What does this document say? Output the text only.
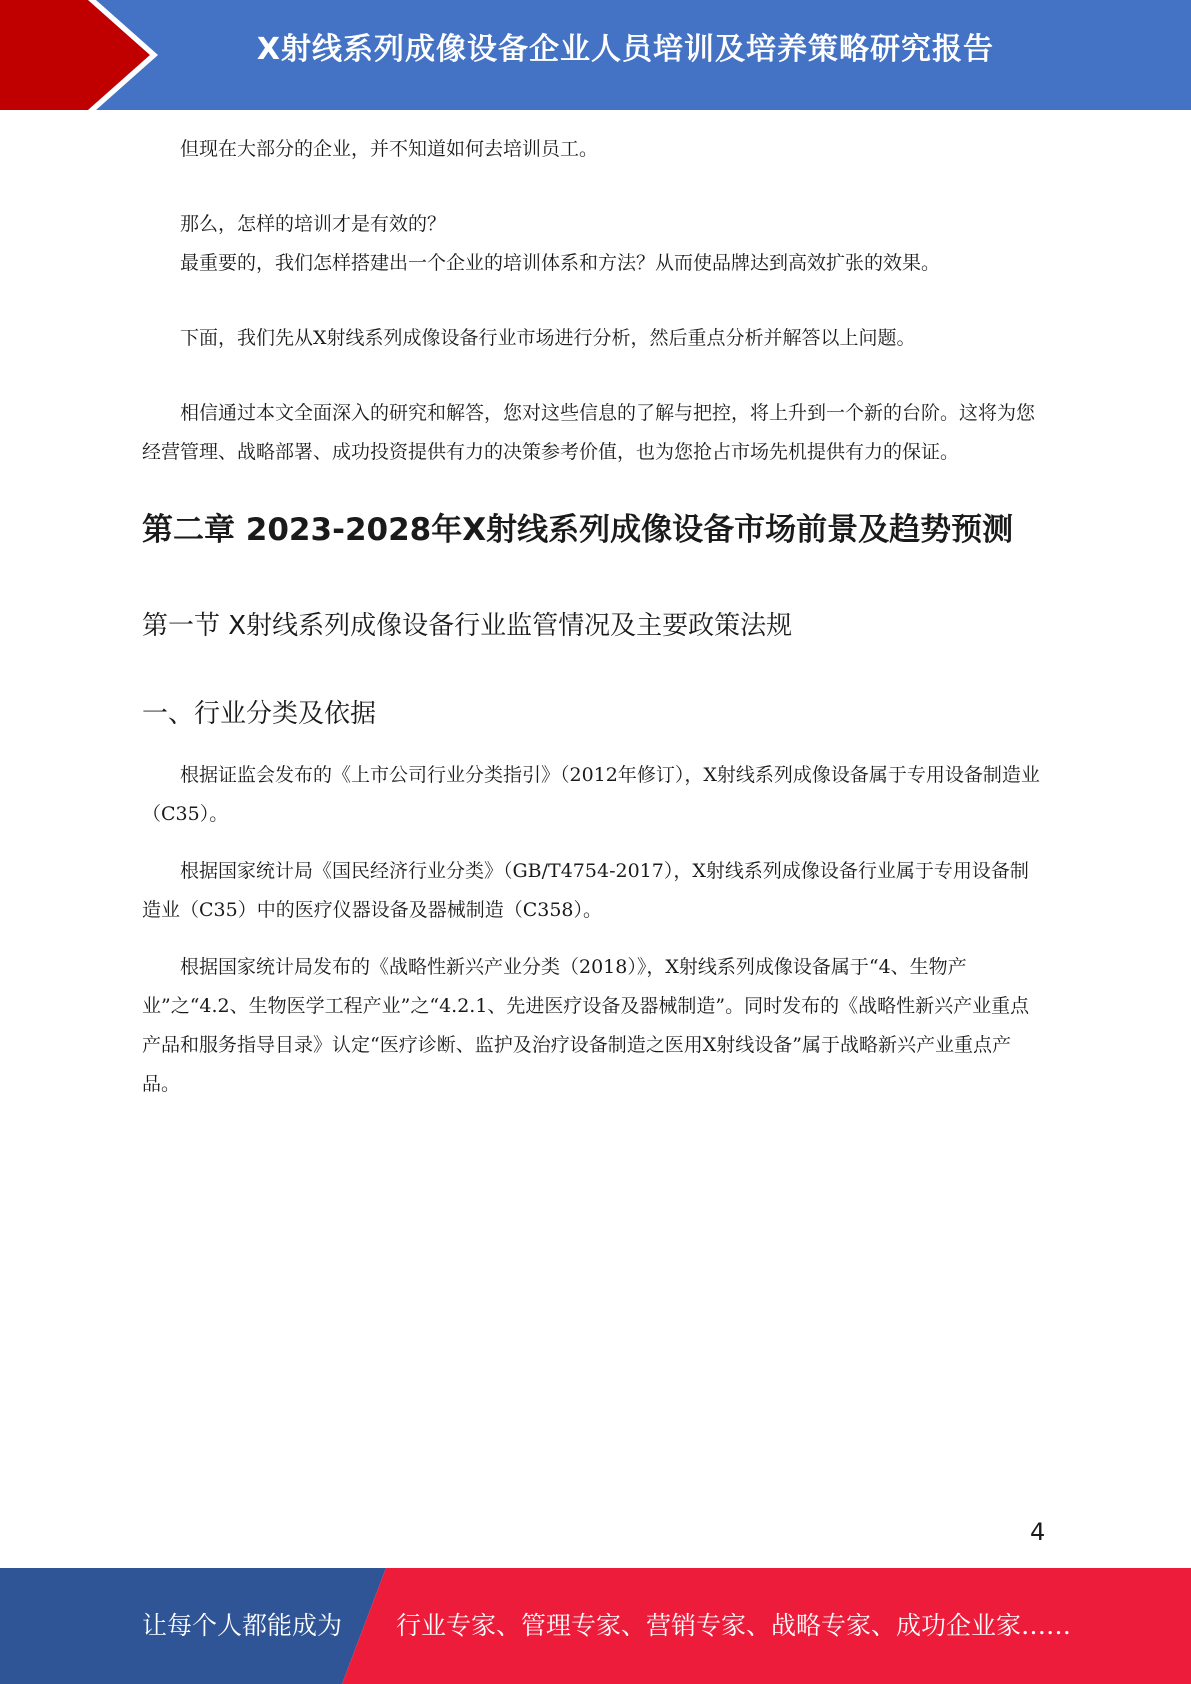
X射线系列成像设备企业人员培训及培养策略研究报告

但现在大部分的企业，并不知道如何去培训员工。

那么，怎样的培训才是有效的？

最重要的，我们怎样搭建出一个企业的培训体系和方法？从而使品牌达到高效扩张的效果。

下面，我们先从X射线系列成像设备行业市场进行分析，然后重点分析并解答以上问题。

相信通过本文全面深入的研究和解答，您对这些信息的了解与把控，将上升到一个新的台阶。这将为您经营管理、战略部署、成功投资提供有力的决策参考价值，也为您抢占市场先机提供有力的保证。

第二章 2023-2028年X射线系列成像设备市场前景及趋势预测
第一节 X射线系列成像设备行业监管情况及主要政策法规
一、行业分类及依据

根据证监会发布的《上市公司行业分类指引》（2012年修订），X射线系列成像设备属于专用设备制造业（C35）。

根据国家统计局《国民经济行业分类》（GB/T4754-2017），X射线系列成像设备行业属于专用设备制造业（C35）中的医疗仪器设备及器械制造（C358）。

根据国家统计局发布的《战略性新兴产业分类（2018）》，X射线系列成像设备属于“4、生物产业”之“4.2、生物医学工程产业”之“4.2.1、先进医疗设备及器械制造”。同时发布的《战略性新兴产业重点产品和服务指导目录》认定“医疗诊断、监护及治疗设备制造之医用X射线设备”属于战略新兴产业重点产品。

4
让每个人都能成为 行业专家、管理专家、营销专家、战略专家、成功企业家……
